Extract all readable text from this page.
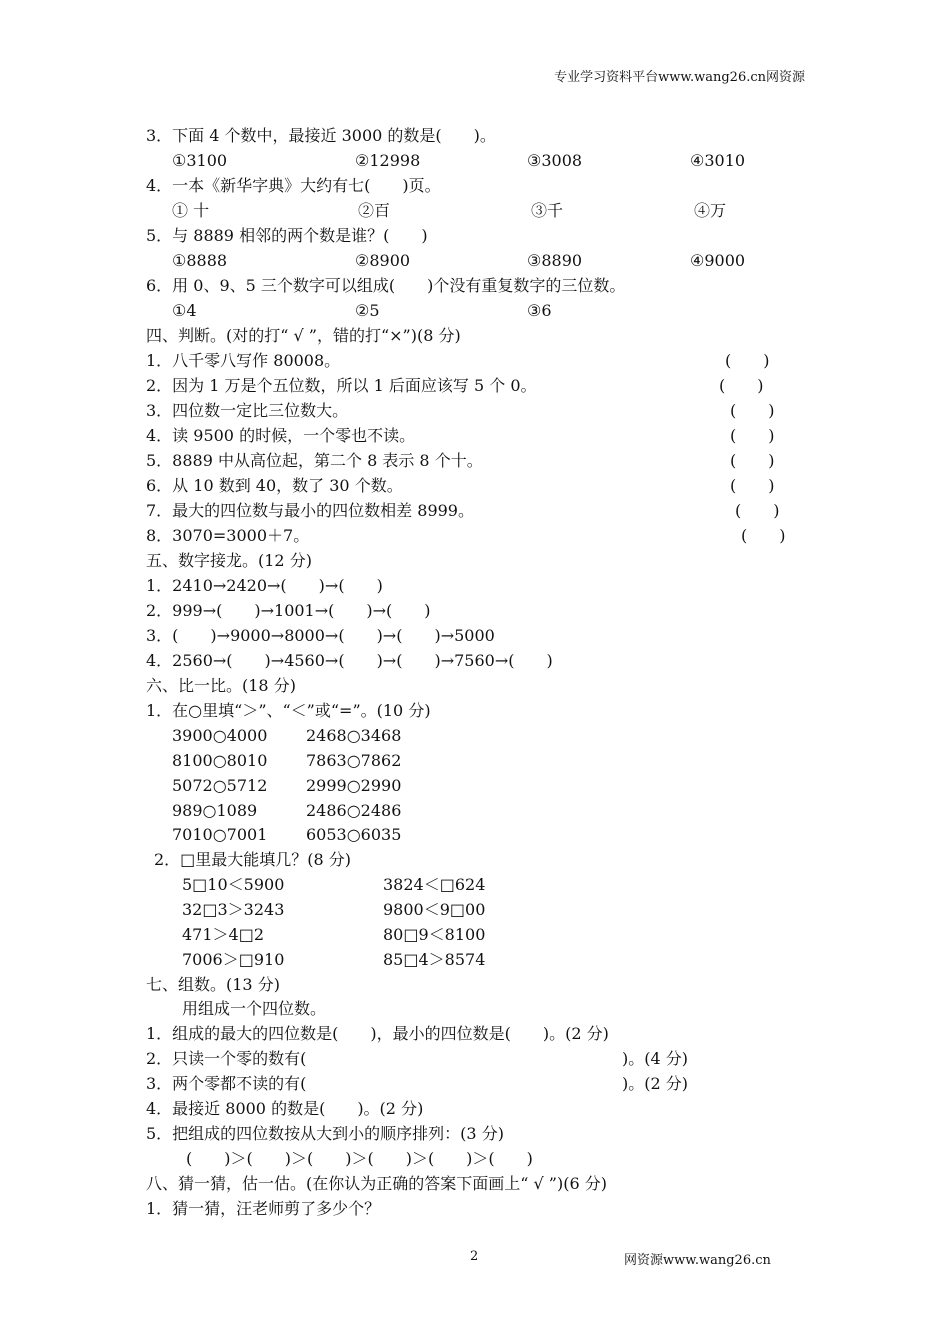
专业学习资料平台www.wang26.cn网资源
3．下面 4 个数中，最接近 3000 的数是(　　)。
①3100	②12998	③3008	④3010
4．一本《新华字典》大约有七(　　)页。
① 十	②百	③千	④万
5．与 8889 相邻的两个数是谁？(　　)
①8888	②8900	③8890	④9000
6．用 0、9、5 三个数字可以组成(　　)个没有重复数字的三位数。
①4	②5	③6
四、判断。(对的打“ √ ”，错的打“×”)(8 分)
1．八千零八写作 80008。	(　　)
2．因为 1 万是个五位数，所以 1 后面应该写 5 个 0。	(　　)
3．四位数一定比三位数大。	(　　)
4．读 9500 的时候，一个零也不读。	(　　)
5．8889 中从高位起，第二个 8 表示 8 个十。	(　　)
6．从 10 数到 40，数了 30 个数。	(　　)
7．最大的四位数与最小的四位数相差 8999。	(　　)
8．3070=3000＋7。	(　　)
五、数字接龙。(12 分)
1．2410→2420→(　　)→(　　)
2．999→(　　)→1001→(　　)→(　　)
3．(　　)→9000→8000→(　　)→(　　)→5000
4．2560→(　　)→4560→(　　)→(　　)→7560→(　　)
六、比一比。(18 分)
1．在○里填“＞”、“＜”或“=”。(10 分)
3900○4000 2468○3468
8100○8010 7863○7862
5072○5712 2999○2990
989○1089	2486○2486
7010○7001 6053○6035
2．□里最大能填几？(8 分)
5□10＜5900	3824＜□624
32□3＞3243	9800＜9□00
471＞4□2	80□9＜8100
7006＞□910	85□4＞8574
七、组数。(13 分)
用组成一个四位数。
1．组成的最大的四位数是(　　)，最小的四位数是(　　)。(2 分)
2．只读一个零的数有(	)。(4 分)
3．两个零都不读的有(	)。(2 分)
4．最接近 8000 的数是(　　)。(2 分)
5．把组成的四位数按从大到小的顺序排列：(3 分)
(　　)＞(　　)＞(　　)＞(　　)＞(　　)＞(　　)
八、猜一猜，估一估。(在你认为正确的答案下面画上“ √ ”)(6 分)
1．猜一猜，汪老师剪了多少个？
2	网资源www.wang26.cn
